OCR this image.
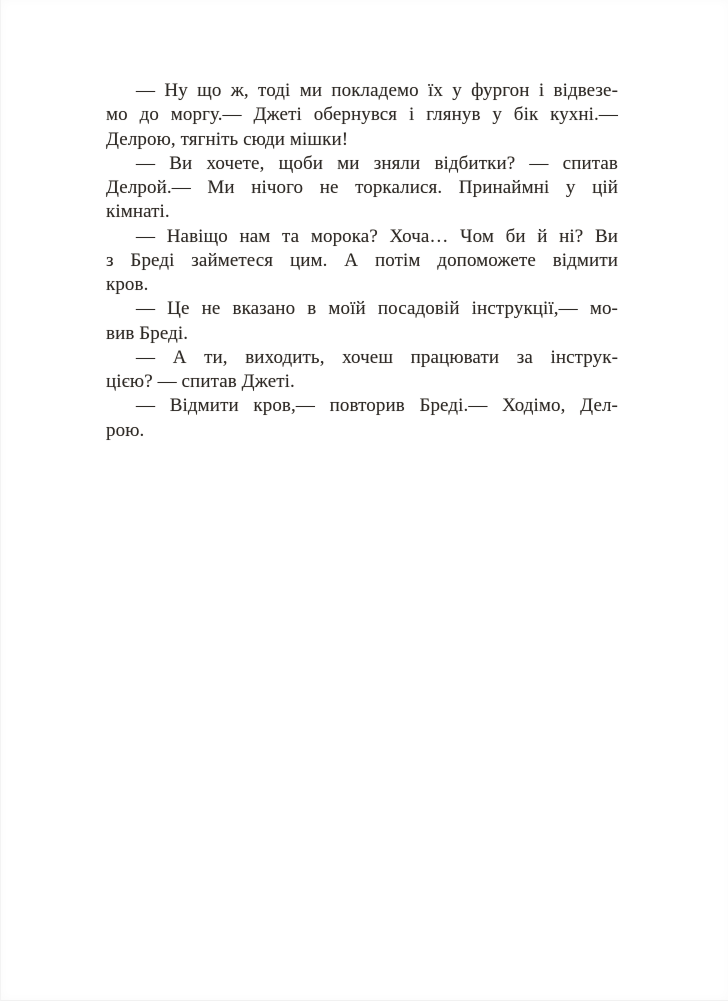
— Ну що ж, тоді ми покладемо їх у фургон і відвезе-
мо до моргу.— Джеті обернувся і глянув у бік кухні.—
Делрою, тягніть сюди мішки!
— Ви хочете, щоби ми зняли відбитки? — спитав
Делрой.— Ми нічого не торкалися. Принаймні у цій
кімнаті.
— Навіщо нам та морока? Хоча… Чом би й ні? Ви
з Бреді займетеся цим. А потім допоможете відмити
кров.
— Це не вказано в моїй посадовій інструкції,— мо-
вив Бреді.
— А ти, виходить, хочеш працювати за інструк-
цією? — спитав Джеті.
— Відмити кров,— повторив Бреді.— Ходімо, Дел-
рою.
